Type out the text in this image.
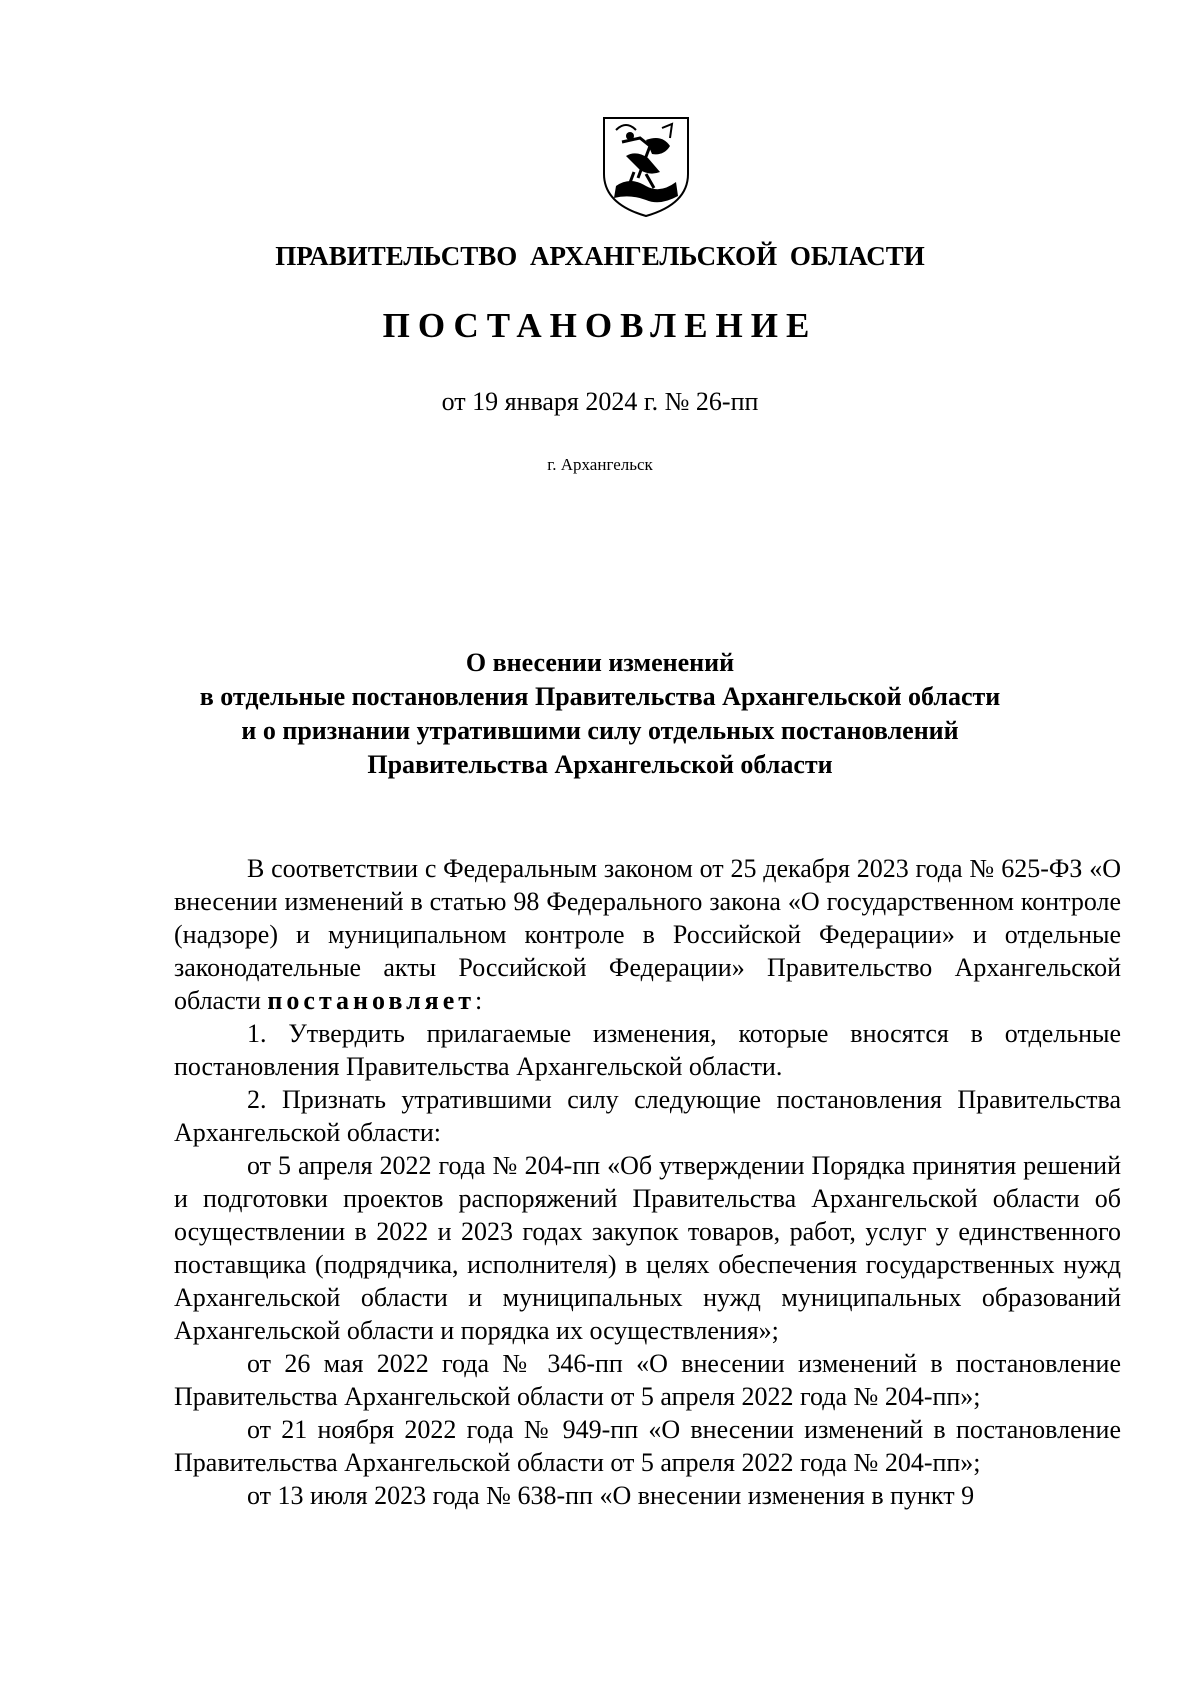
ПРАВИТЕЛЬСТВО АРХАНГЕЛЬСКОЙ ОБЛАСТИ
ПОСТАНОВЛЕНИЕ
от 19 января 2024 г. № 26-пп
г. Архангельск
О внесении изменений
в отдельные постановления Правительства Архангельской области
и о признании утратившими силу отдельных постановлений
Правительства Архангельской области

В соответствии с Федеральным законом от 25 декабря 2023 года № 625-ФЗ «О внесении изменений в статью 98 Федерального закона «О государственном контроле (надзоре) и муниципальном контроле в Российской Федерации» и отдельные законодательные акты Российской Федерации» Правительство Архангельской области постановляет:

1. Утвердить прилагаемые изменения, которые вносятся в отдельные постановления Правительства Архангельской области.

2. Признать утратившими силу следующие постановления Правительства Архангельской области:

от 5 апреля 2022 года № 204-пп «Об утверждении Порядка принятия решений и подготовки проектов распоряжений Правительства Архангельской области об осуществлении в 2022 и 2023 годах закупок товаров, работ, услуг у единственного поставщика (подрядчика, исполнителя) в целях обеспечения государственных нужд Архангельской области и муниципальных нужд муниципальных образований Архангельской области и порядка их осуществления»;

от 26 мая 2022 года № 346-пп «О внесении изменений в постановление Правительства Архангельской области от 5 апреля 2022 года № 204-пп»;

от 21 ноября 2022 года № 949-пп «О внесении изменений в постановление Правительства Архангельской области от 5 апреля 2022 года № 204-пп»;

от 13 июля 2023 года № 638-пп «О внесении изменения в пункт 9
